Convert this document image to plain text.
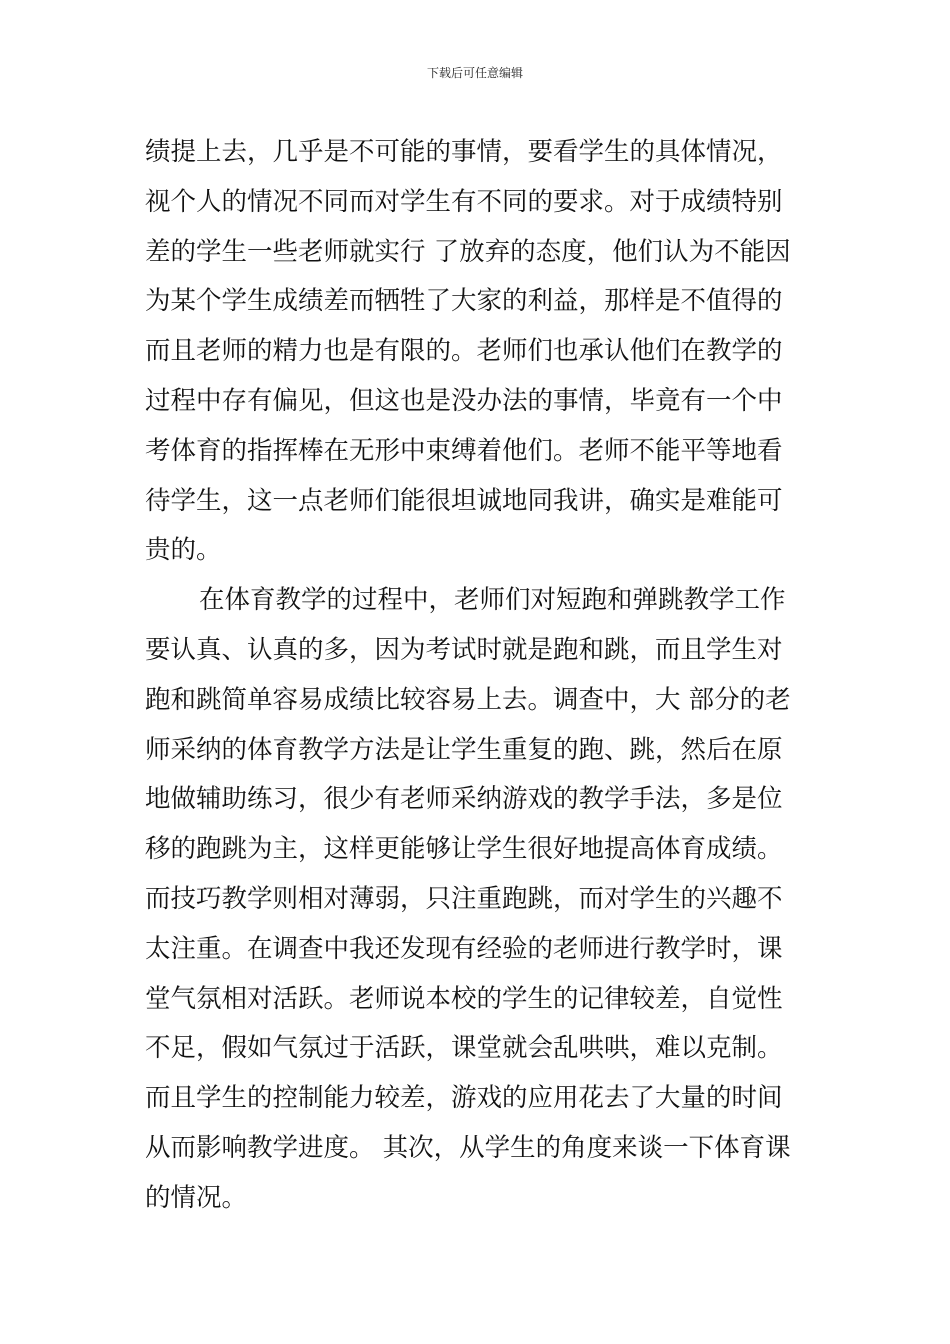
下载后可任意编辑
绩提上去，几乎是不可能的事情，要看学生的具体情况，
视个人的情况不同而对学生有不同的要求。对于成绩特别
差的学生一些老师就实行 了放弃的态度，他们认为不能因
为某个学生成绩差而牺牲了大家的利益，那样是不值得的
而且老师的精力也是有限的。老师们也承认他们在教学的
过程中存有偏见，但这也是没办法的事情，毕竟有一个中
考体育的指挥棒在无形中束缚着他们。老师不能平等地看
待学生，这一点老师们能很坦诚地同我讲，确实是难能可
贵的。
在体育教学的过程中，老师们对短跑和弹跳教学工作
要认真、认真的多，因为考试时就是跑和跳，而且学生对
跑和跳简单容易成绩比较容易上去。调查中，大 部分的老
师采纳的体育教学方法是让学生重复的跑、跳，然后在原
地做辅助练习，很少有老师采纳游戏的教学手法，多是位
移的跑跳为主，这样更能够让学生很好地提高体育成绩。
而技巧教学则相对薄弱，只注重跑跳，而对学生的兴趣不
太注重。在调查中我还发现有经验的老师进行教学时，课
堂气氛相对活跃。老师说本校的学生的记律较差，自觉性
不足，假如气氛过于活跃，课堂就会乱哄哄，难以克制。
而且学生的控制能力较差，游戏的应用花去了大量的时间
从而影响教学进度。 其次，从学生的角度来谈一下体育课
的情况。
